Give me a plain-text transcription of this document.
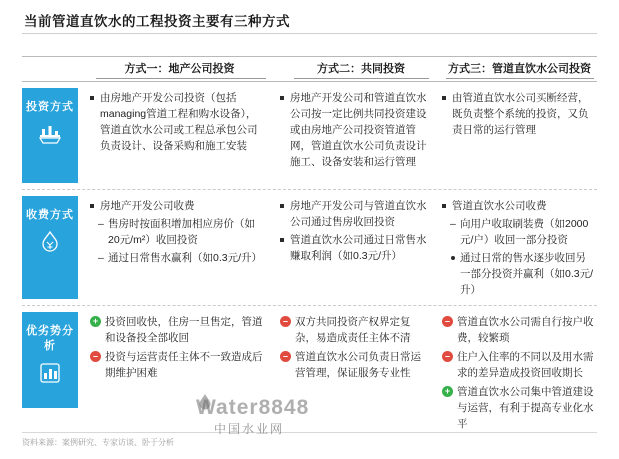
当前管道直饮水的工程投资主要有三种方式
方式一：地产公司投资	方式二：共同投资	方式三：管道直饮水公司投资
投资方式
由房地产开发公司投资（包括managing管道工程和购水设备），管道直饮水公司或工程总承包公司负责设计、设备采购和施工安装
房地产开发公司和管道直饮水公司按一定比例共同投资建设或由房地产公司投资管道管网，管道直饮水公司负责设计施工、设备安装和运行管理
由管道直饮水公司买断经营，既负责整个系统的投资，又负责日常的运行管理
收费方式
房地产开发公司收费
– 售房时按面积增加相应房价（如20元/m²）收回投资
– 通过日常售水赢利（如0.3元/升）
房地产开发公司与管道直饮水公司通过售房收回投资
管道直饮水公司通过日常售水赚取利润（如0.3元/升）
管道直饮水公司收费
– 向用户收取刷装费（如2000元/户）收回一部分投资
通过日常的售水逐步收回另一部分投资并赢利（如0.3元/升）
优劣势分析
+ 投资回收快，住房一旦售定，管道和设备投全部收回
– 投资与运营责任主体不一致造成后期维护困难
– 双方共同投资产权界定复杂，易造成责任主体不清
– 管道直饮水公司负责日常运营管理，保证服务专业性
– 管道直饮水公司需自行按户收费，较繁琐
– 住户入住率的不同以及用水需求的差异造成投资回收期长
+ 管道直饮水公司集中管道建设与运营，有利于提高专业化水平
资料来源：案例研究、专家访谈、卧于分析
Water8848
中国水业网
